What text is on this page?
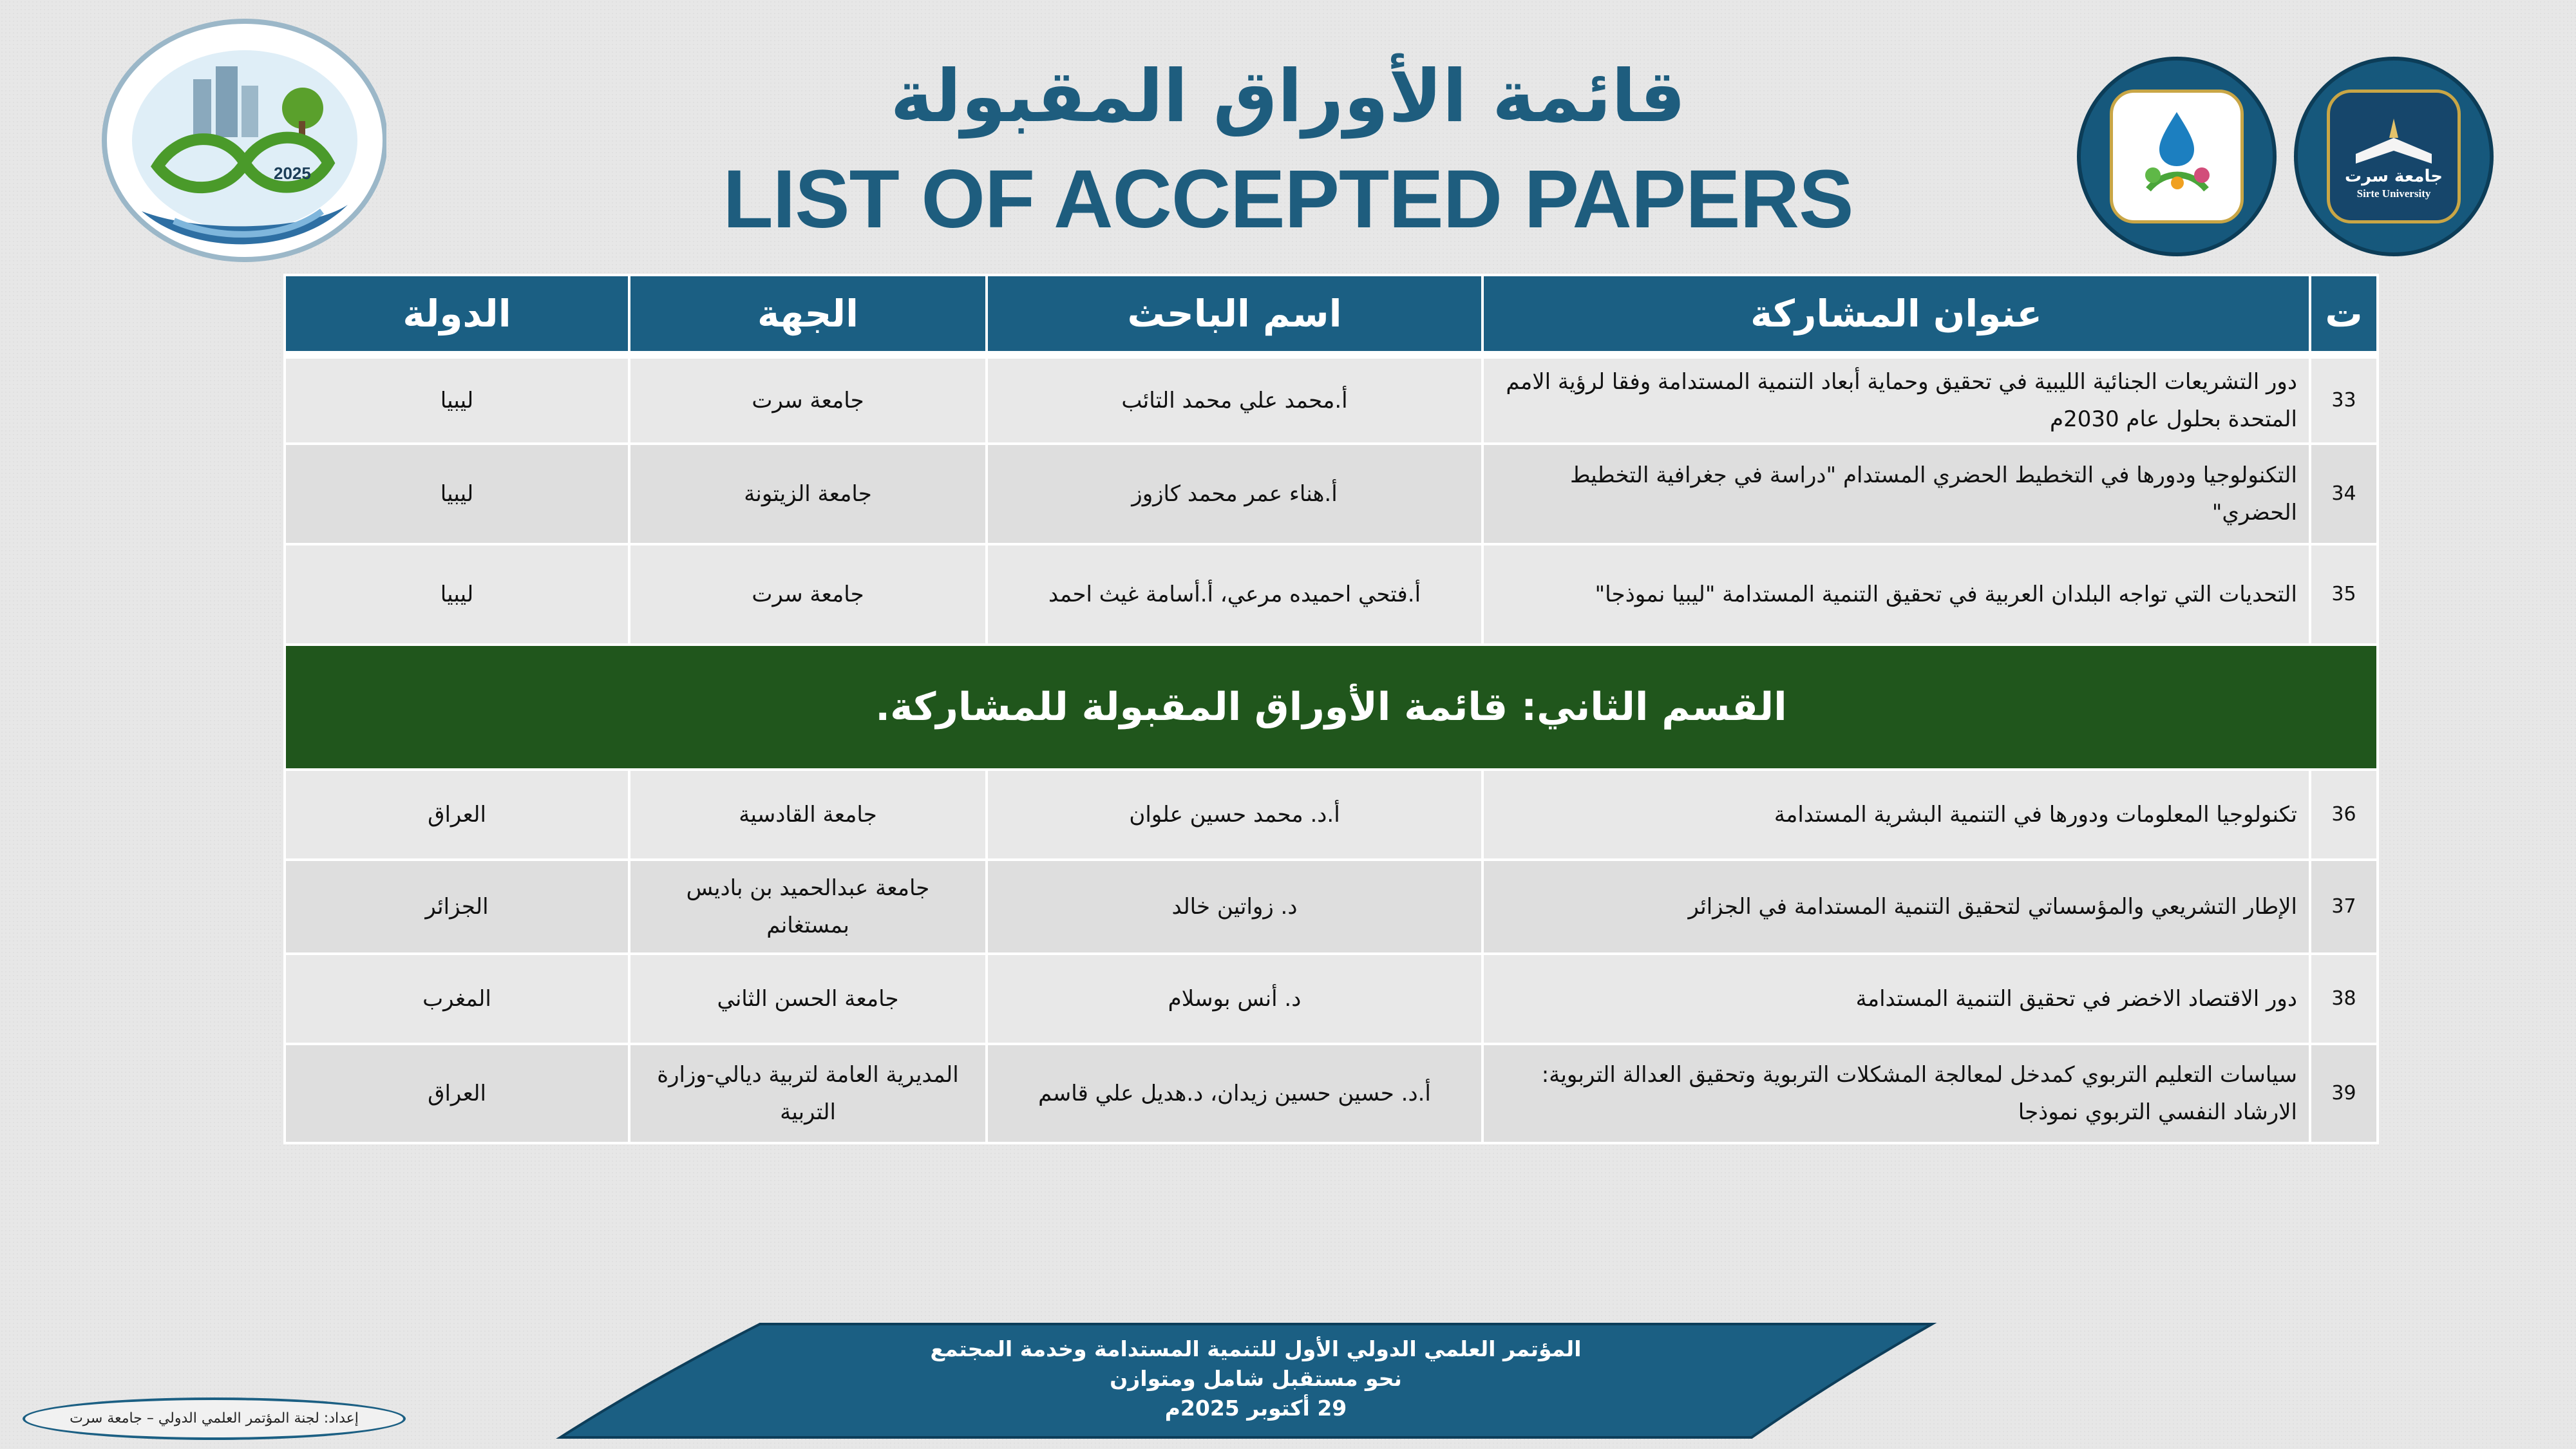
2025
قائمة الأوراق المقبولة
LIST OF ACCEPTED PAPERS	جامعة سرت
Sirte University
ت	عنوان المشاركة	اسم الباحث	الجهة	الدولة
33	دور التشريعات الجنائية الليبية في تحقيق وحماية أبعاد التنمية المستدامة وفقا لرؤية الامم المتحدة بحلول عام 2030م	أ.محمد علي محمد التائب	جامعة سرت	ليبيا
34	التكنولوجيا ودورها في التخطيط الحضري المستدام "دراسة في جغرافية التخطيط الحضري"	أ.هناء عمر محمد كازوز	جامعة الزيتونة	ليبيا
35	التحديات التي تواجه البلدان العربية في تحقيق التنمية المستدامة "ليبيا نموذجا"	أ.فتحي احميده مرعي، أ.أسامة غيث احمد	جامعة سرت	ليبيا
القسم الثاني: قائمة الأوراق المقبولة للمشاركة.				
36	تكنولوجيا المعلومات ودورها في التنمية البشرية المستدامة	أ.د. محمد حسين علوان	جامعة القادسية	العراق
37	الإطار التشريعي والمؤسساتي لتحقيق التنمية المستدامة في الجزائر	د. زواتين خالد	جامعة عبدالحميد بن باديس بمستغانم	الجزائر
38	دور الاقتصاد الاخضر في تحقيق التنمية المستدامة	د. أنس بوسلام	جامعة الحسن الثاني	المغرب
39	سياسات التعليم التربوي كمدخل لمعالجة المشكلات التربوية وتحقيق العدالة التربوية: الارشاد النفسي التربوي نموذجا	أ.د. حسين حسين زيدان، د.هديل علي قاسم	المديرية العامة لتربية ديالي-وزارة التربية	العراق
المؤتمر العلمي الدولي الأول للتنمية المستدامة وخدمة المجتمع
نحو مستقبل شامل ومتوازن
29 أكتوبر 2025م
إعداد: لجنة المؤتمر العلمي الدولي – جامعة سرت
